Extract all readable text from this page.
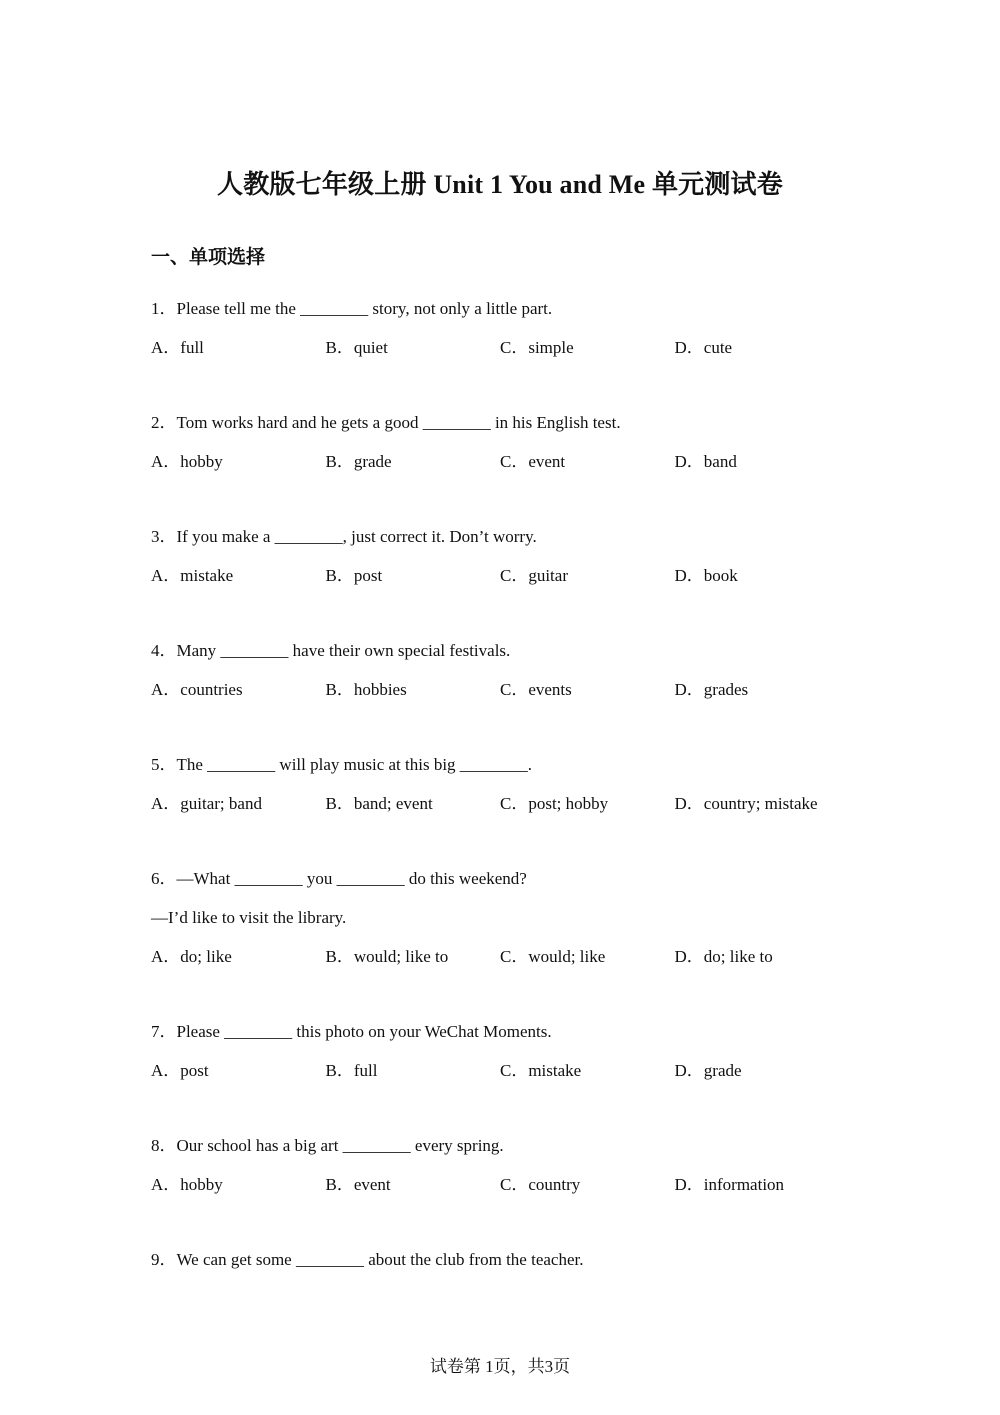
人教版七年级上册 Unit 1 You and Me 单元测试卷
一、单项选择
1．Please tell me the ________ story, not only a little part.
A．full	B．quiet	C．simple	D．cute
2．Tom works hard and he gets a good ________ in his English test.
A．hobby	B．grade	C．event	D．band
3．If you make a ________, just correct it. Don’t worry.
A．mistake	B．post	C．guitar	D．book
4．Many ________ have their own special festivals.
A．countries	B．hobbies	C．events	D．grades
5．The ________ will play music at this big ________.
A．guitar; band	B．band; event	C．post; hobby	D．country; mistake
6．—What ________ you ________ do this weekend?
—I’d like to visit the library.
A．do; like	B．would; like to	C．would; like	D．do; like to
7．Please ________ this photo on your WeChat Moments.
A．post	B．full	C．mistake	D．grade
8．Our school has a big art ________ every spring.
A．hobby	B．event	C．country	D．information
9．We can get some ________ about the club from the teacher.
试卷第 1页，共3页
